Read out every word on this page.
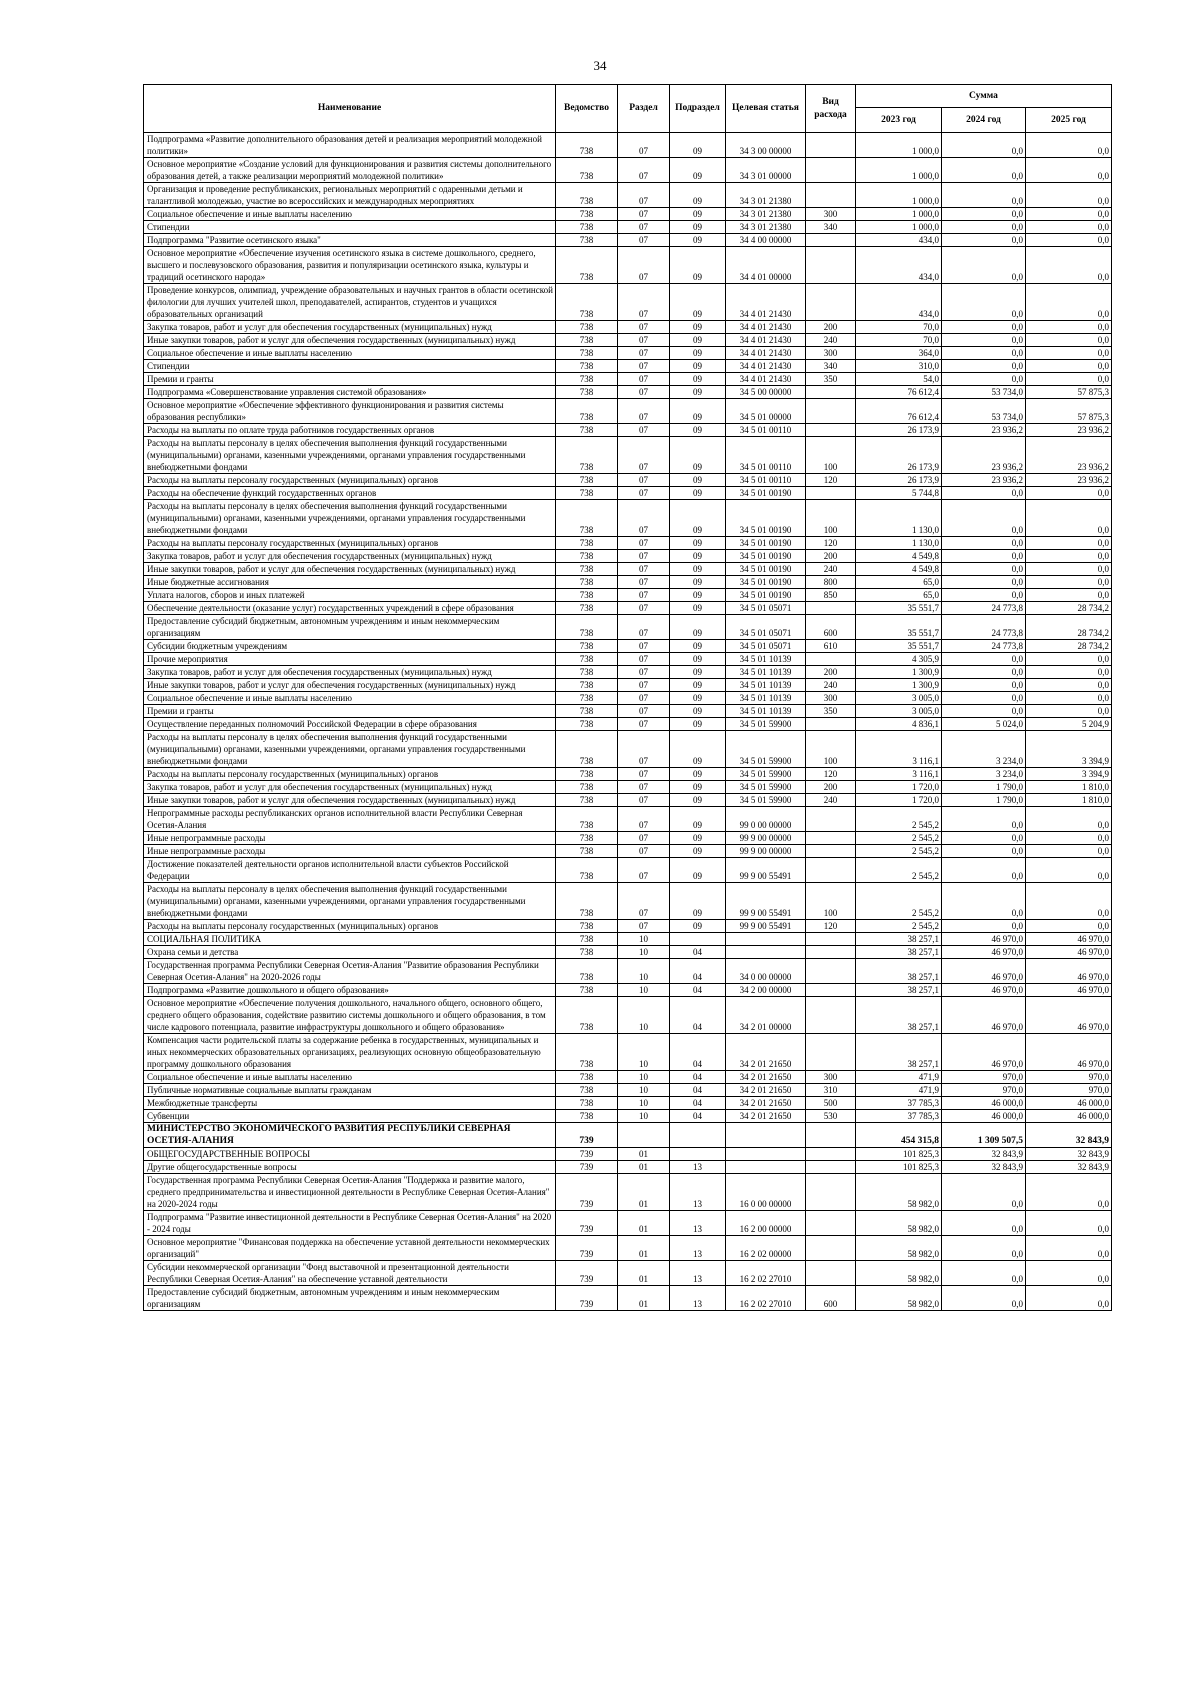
34
Наименование	Ведомство	Раздел	Подраздел	Целевая статья	Вид расхода	Сумма		
						2023 год	2024 год	2025 год
Подпрограмма «Развитие дополнительного образования детей и реализация мероприятий молодежной политики»	738	07	09	34 3 00 00000		1 000,0	0,0	0,0
Основное мероприятие «Создание условий для функционирования и развития системы дополнительного образования детей, а также реализации мероприятий молодежной политики»	738	07	09	34 3 01 00000		1 000,0	0,0	0,0
Организация и проведение республиканских, региональных мероприятий с одаренными детьми и талантливой молодежью, участие во всероссийских и международных мероприятиях	738	07	09	34 3 01 21380		1 000,0	0,0	0,0
Социальное обеспечение и иные выплаты населению	738	07	09	34 3 01 21380	300	1 000,0	0,0	0,0
Стипендии	738	07	09	34 3 01 21380	340	1 000,0	0,0	0,0
Подпрограмма "Развитие осетинского языка"	738	07	09	34 4 00 00000		434,0	0,0	0,0
Основное мероприятие «Обеспечение изучения осетинского языка в системе дошкольного, среднего, высшего и послевузовского образования, развития и популяризации осетинского языка, культуры и традиций осетинского народа»	738	07	09	34 4 01 00000		434,0	0,0	0,0
Проведение конкурсов, олимпиад, учреждение образовательных и научных грантов в области осетинской филологии для лучших учителей школ, преподавателей, аспирантов, студентов и учащихся образовательных организаций	738	07	09	34 4 01 21430		434,0	0,0	0,0
Закупка товаров, работ и услуг для обеспечения государственных (муниципальных) нужд	738	07	09	34 4 01 21430	200	70,0	0,0	0,0
Иные закупки товаров, работ и услуг для обеспечения государственных (муниципальных) нужд	738	07	09	34 4 01 21430	240	70,0	0,0	0,0
Социальное обеспечение и иные выплаты населению	738	07	09	34 4 01 21430	300	364,0	0,0	0,0
Стипендии	738	07	09	34 4 01 21430	340	310,0	0,0	0,0
Премии и гранты	738	07	09	34 4 01 21430	350	54,0	0,0	0,0
Подпрограмма «Совершенствование управления системой образования»	738	07	09	34 5 00 00000		76 612,4	53 734,0	57 875,3
Основное мероприятие «Обеспечение эффективного функционирования и развития системы образования республики»	738	07	09	34 5 01 00000		76 612,4	53 734,0	57 875,3
Расходы на выплаты по оплате труда работников государственных органов	738	07	09	34 5 01 00110		26 173,9	23 936,2	23 936,2
Расходы на выплаты персоналу в целях обеспечения выполнения функций государственными (муниципальными) органами, казенными учреждениями, органами управления государственными внебюджетными фондами	738	07	09	34 5 01 00110	100	26 173,9	23 936,2	23 936,2
Расходы на выплаты персоналу государственных (муниципальных) органов	738	07	09	34 5 01 00110	120	26 173,9	23 936,2	23 936,2
Расходы на обеспечение функций государственных органов	738	07	09	34 5 01 00190		5 744,8	0,0	0,0
Расходы на выплаты персоналу в целях обеспечения выполнения функций государственными (муниципальными) органами, казенными учреждениями, органами управления государственными внебюджетными фондами	738	07	09	34 5 01 00190	100	1 130,0	0,0	0,0
Расходы на выплаты персоналу государственных (муниципальных) органов	738	07	09	34 5 01 00190	120	1 130,0	0,0	0,0
Закупка товаров, работ и услуг для обеспечения государственных (муниципальных) нужд	738	07	09	34 5 01 00190	200	4 549,8	0,0	0,0
Иные закупки товаров, работ и услуг для обеспечения государственных (муниципальных) нужд	738	07	09	34 5 01 00190	240	4 549,8	0,0	0,0
Иные бюджетные ассигнования	738	07	09	34 5 01 00190	800	65,0	0,0	0,0
Уплата налогов, сборов и иных платежей	738	07	09	34 5 01 00190	850	65,0	0,0	0,0
Обеспечение деятельности (оказание услуг) государственных учреждений в сфере образования	738	07	09	34 5 01 05071		35 551,7	24 773,8	28 734,2
Предоставление субсидий бюджетным, автономным учреждениям и иным некоммерческим организациям	738	07	09	34 5 01 05071	600	35 551,7	24 773,8	28 734,2
Субсидии бюджетным учреждениям	738	07	09	34 5 01 05071	610	35 551,7	24 773,8	28 734,2
Прочие мероприятия	738	07	09	34 5 01 10139		4 305,9	0,0	0,0
Закупка товаров, работ и услуг для обеспечения государственных (муниципальных) нужд	738	07	09	34 5 01 10139	200	1 300,9	0,0	0,0
Иные закупки товаров, работ и услуг для обеспечения государственных (муниципальных) нужд	738	07	09	34 5 01 10139	240	1 300,9	0,0	0,0
Социальное обеспечение и иные выплаты населению	738	07	09	34 5 01 10139	300	3 005,0	0,0	0,0
Премии и гранты	738	07	09	34 5 01 10139	350	3 005,0	0,0	0,0
Осуществление переданных полномочий Российской Федерации в сфере образования	738	07	09	34 5 01 59900		4 836,1	5 024,0	5 204,9
Расходы на выплаты персоналу в целях обеспечения выполнения функций государственными (муниципальными) органами, казенными учреждениями, органами управления государственными внебюджетными фондами	738	07	09	34 5 01 59900	100	3 116,1	3 234,0	3 394,9
Расходы на выплаты персоналу государственных (муниципальных) органов	738	07	09	34 5 01 59900	120	3 116,1	3 234,0	3 394,9
Закупка товаров, работ и услуг для обеспечения государственных (муниципальных) нужд	738	07	09	34 5 01 59900	200	1 720,0	1 790,0	1 810,0
Иные закупки товаров, работ и услуг для обеспечения государственных (муниципальных) нужд	738	07	09	34 5 01 59900	240	1 720,0	1 790,0	1 810,0
Непрограммные расходы республиканских органов исполнительной власти Республики Северная Осетия-Алания	738	07	09	99 0 00 00000		2 545,2	0,0	0,0
Иные непрограммные расходы	738	07	09	99 9 00 00000		2 545,2	0,0	0,0
Иные непрограммные расходы	738	07	09	99 9 00 00000		2 545,2	0,0	0,0
Достижение показателей деятельности органов исполнительной власти субъектов Российской Федерации	738	07	09	99 9 00 55491		2 545,2	0,0	0,0
Расходы на выплаты персоналу в целях обеспечения выполнения функций государственными (муниципальными) органами, казенными учреждениями, органами управления государственными внебюджетными фондами	738	07	09	99 9 00 55491	100	2 545,2	0,0	0,0
Расходы на выплаты персоналу государственных (муниципальных) органов	738	07	09	99 9 00 55491	120	2 545,2	0,0	0,0
СОЦИАЛЬНАЯ ПОЛИТИКА	738	10				38 257,1	46 970,0	46 970,0
Охрана семьи и детства	738	10	04			38 257,1	46 970,0	46 970,0
Государственная программа Республики Северная Осетия-Алания "Развитие образования Республики Северная Осетия-Алания" на 2020-2026 годы	738	10	04	34 0 00 00000		38 257,1	46 970,0	46 970,0
Подпрограмма «Развитие дошкольного и общего образования»	738	10	04	34 2 00 00000		38 257,1	46 970,0	46 970,0
Основное мероприятие «Обеспечение получения дошкольного, начального общего, основного общего, среднего общего образования, содействие развитию системы дошкольного и общего образования, в том числе кадрового потенциала, развитие инфраструктуры дошкольного и общего образования»	738	10	04	34 2 01 00000		38 257,1	46 970,0	46 970,0
Компенсация части родительской платы за содержание ребенка в государственных, муниципальных и иных некоммерческих образовательных организациях, реализующих основную общеобразовательную программу дошкольного образования	738	10	04	34 2 01 21650		38 257,1	46 970,0	46 970,0
Социальное обеспечение и иные выплаты населению	738	10	04	34 2 01 21650	300	471,9	970,0	970,0
Публичные нормативные социальные выплаты гражданам	738	10	04	34 2 01 21650	310	471,9	970,0	970,0
Межбюджетные трансферты	738	10	04	34 2 01 21650	500	37 785,3	46 000,0	46 000,0
Субвенции	738	10	04	34 2 01 21650	530	37 785,3	46 000,0	46 000,0
МИНИСТЕРСТВО ЭКОНОМИЧЕСКОГО РАЗВИТИЯ РЕСПУБЛИКИ СЕВЕРНАЯ ОСЕТИЯ-АЛАНИЯ	739					454 315,8	1 309 507,5	32 843,9
ОБЩЕГОСУДАРСТВЕННЫЕ ВОПРОСЫ	739	01				101 825,3	32 843,9	32 843,9
Другие общегосударственные вопросы	739	01	13			101 825,3	32 843,9	32 843,9
Государственная программа Республики Северная Осетия-Алания "Поддержка и развитие малого, среднего предпринимательства и инвестиционной деятельности в Республике Северная Осетия-Алания" на 2020-2024 годы	739	01	13	16 0 00 00000		58 982,0	0,0	0,0
Подпрограмма "Развитие инвестиционной деятельности в Республике Северная Осетия-Алания" на 2020 - 2024 годы	739	01	13	16 2 00 00000		58 982,0	0,0	0,0
Основное мероприятие "Финансовая поддержка на обеспечение уставной деятельности некоммерческих организаций"	739	01	13	16 2 02 00000		58 982,0	0,0	0,0
Субсидии некоммерческой организации "Фонд выставочной и презентационной деятельности Республики Северная Осетия-Алания" на обеспечение уставной деятельности	739	01	13	16 2 02 27010		58 982,0	0,0	0,0
Предоставление субсидий бюджетным, автономным учреждениям и иным некоммерческим организациям	739	01	13	16 2 02 27010	600	58 982,0	0,0	0,0
